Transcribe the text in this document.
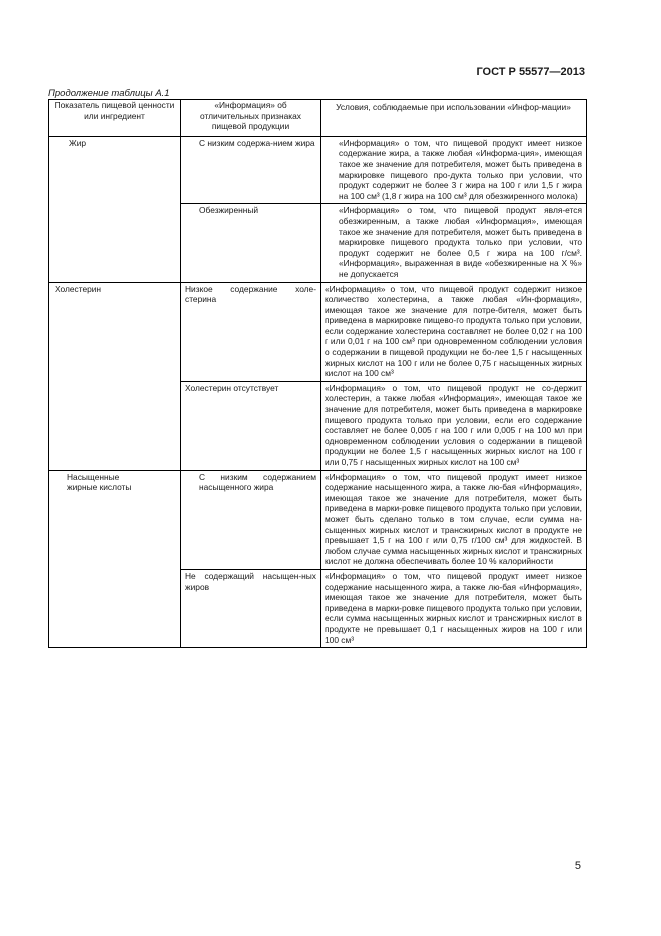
ГОСТ Р 55577—2013
Продолжение таблицы А.1
Показатель пищевой ценности или ингредиент	«Информация» об отличительных признаках пищевой продукции	Условия, соблюдаемые при использовании «Инфор-мации»

Жир	С низким содержа-нием жира	«Информация» о том, что пищевой продукт имеет низкое содержание жира, а также любая «Информа-ция», имеющая такое же значение для потребителя, может быть приведена в маркировке пищевого про-дукта только при условии, что продукт содержит не более 3 г жира на 100 г или 1,5 г жира на 100 см³ (1,8 г жира на 100 см³ для обезжиренного молока)

	Обезжиренный	«Информация» о том, что пищевой продукт явля-ется обезжиренным, а также любая «Информация», имеющая такое же значение для потребителя, может быть приведена в маркировке пищевого продукта только при условии, что продукт содержит не более 0,5 г жира на 100 г/см³. «Информация», выраженная в виде «обезжиренные на X %» не допускается

Холестерин	Низкое содержание холе-стерина	«Информация» о том, что пищевой продукт содержит низкое количество холестерина, а также любая «Ин-формация», имеющая такое же значение для потре-бителя, может быть приведена в маркировке пищево-го продукта только при условии, если содержание холестерина составляет не более 0,02 г на 100 г или 0,01 г на 100 см³ при одновременном соблюдении условия о содержании в пищевой продукции не бо-лее 1,5 г насыщенных жирных кислот на 100 г или не более 0,75 г насыщенных жирных кислот на 100 см³
	Холестерин отсутствует	«Информация» о том, что пищевой продукт не со-держит холестерин, а также любая «Информация», имеющая такое же значение для потребителя, может быть приведена в маркировке пищевого продукта только при условии, если его содержание составляет не более 0,005 г на 100 г или 0,005 г на 100 мл при одновременном соблюдении условия о содержании в пищевой продукции не более 1,5 г насыщенных жирных кислот на 100 г или 0,75 г насыщенных жирных кислот на 100 см³

Насыщенные жирные кислоты	С низким содержанием насыщенного жира	«Информация» о том, что пищевой продукт имеет низкое содержание насыщенного жира, а также лю-бая «Информация», имеющая такое же значение для потребителя, может быть приведена в марки-ровке пищевого продукта только при условии, может быть сделано только в том случае, если сумма на-сыщенных жирных кислот и трансжирных кислот в продукте не превышает 1,5 г на 100 г или 0,75 г/100 см³ для жидкостей. В любом случае сумма насыщенных жирных кислот и трансжирных кислот не должна обеспечивать более 10 % калорийности
	Не содержащий насыщен-ных жиров	«Информация» о том, что пищевой продукт имеет низкое содержание насыщенного жира, а также лю-бая «Информация», имеющая такое же значение для потребителя, может быть приведена в марки-ровке пищевого продукта только при условии, если сумма насыщенных жирных кислот и трансжирных кислот в продукте не превышает 0,1 г насыщенных жиров на 100 г или 100 см³
5
